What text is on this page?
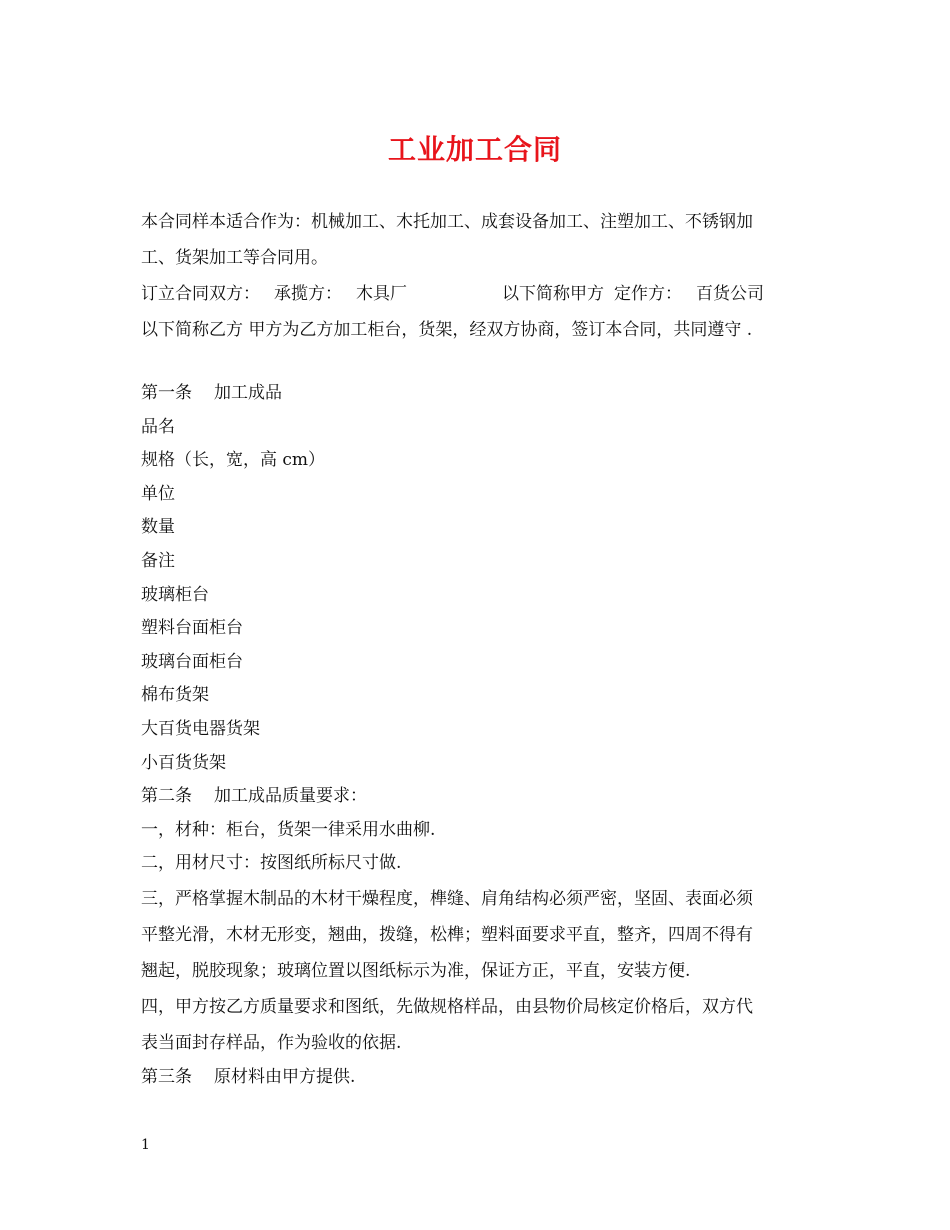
工业加工合同
本合同样本适合作为：机械加工、木托加工、成套设备加工、注塑加工、不锈钢加
工、货架加工等合同用。
订立合同双方： 承揽方： 木具厂	以下简称甲方 定作方： 百货公司
以下简称乙方 甲方为乙方加工柜台，货架，经双方协商，签订本合同，共同遵守 .
第一条 加工成品
品名
规格（长，宽，高 cm）
单位
数量
备注
玻璃柜台
塑料台面柜台
玻璃台面柜台
棉布货架
大百货电器货架
小百货货架
第二条 加工成品质量要求：
一，材种：柜台，货架一律采用水曲柳.
二，用材尺寸：按图纸所标尺寸做.
三，严格掌握木制品的木材干燥程度，榫缝、肩角结构必须严密，坚固、表面必须
平整光滑，木材无形变，翘曲，拨缝，松榫；塑料面要求平直，整齐，四周不得有
翘起，脱胶现象；玻璃位置以图纸标示为准，保证方正，平直，安装方便.
四，甲方按乙方质量要求和图纸，先做规格样品，由县物价局核定价格后，双方代
表当面封存样品，作为验收的依据.
第三条 原材料由甲方提供.
1
